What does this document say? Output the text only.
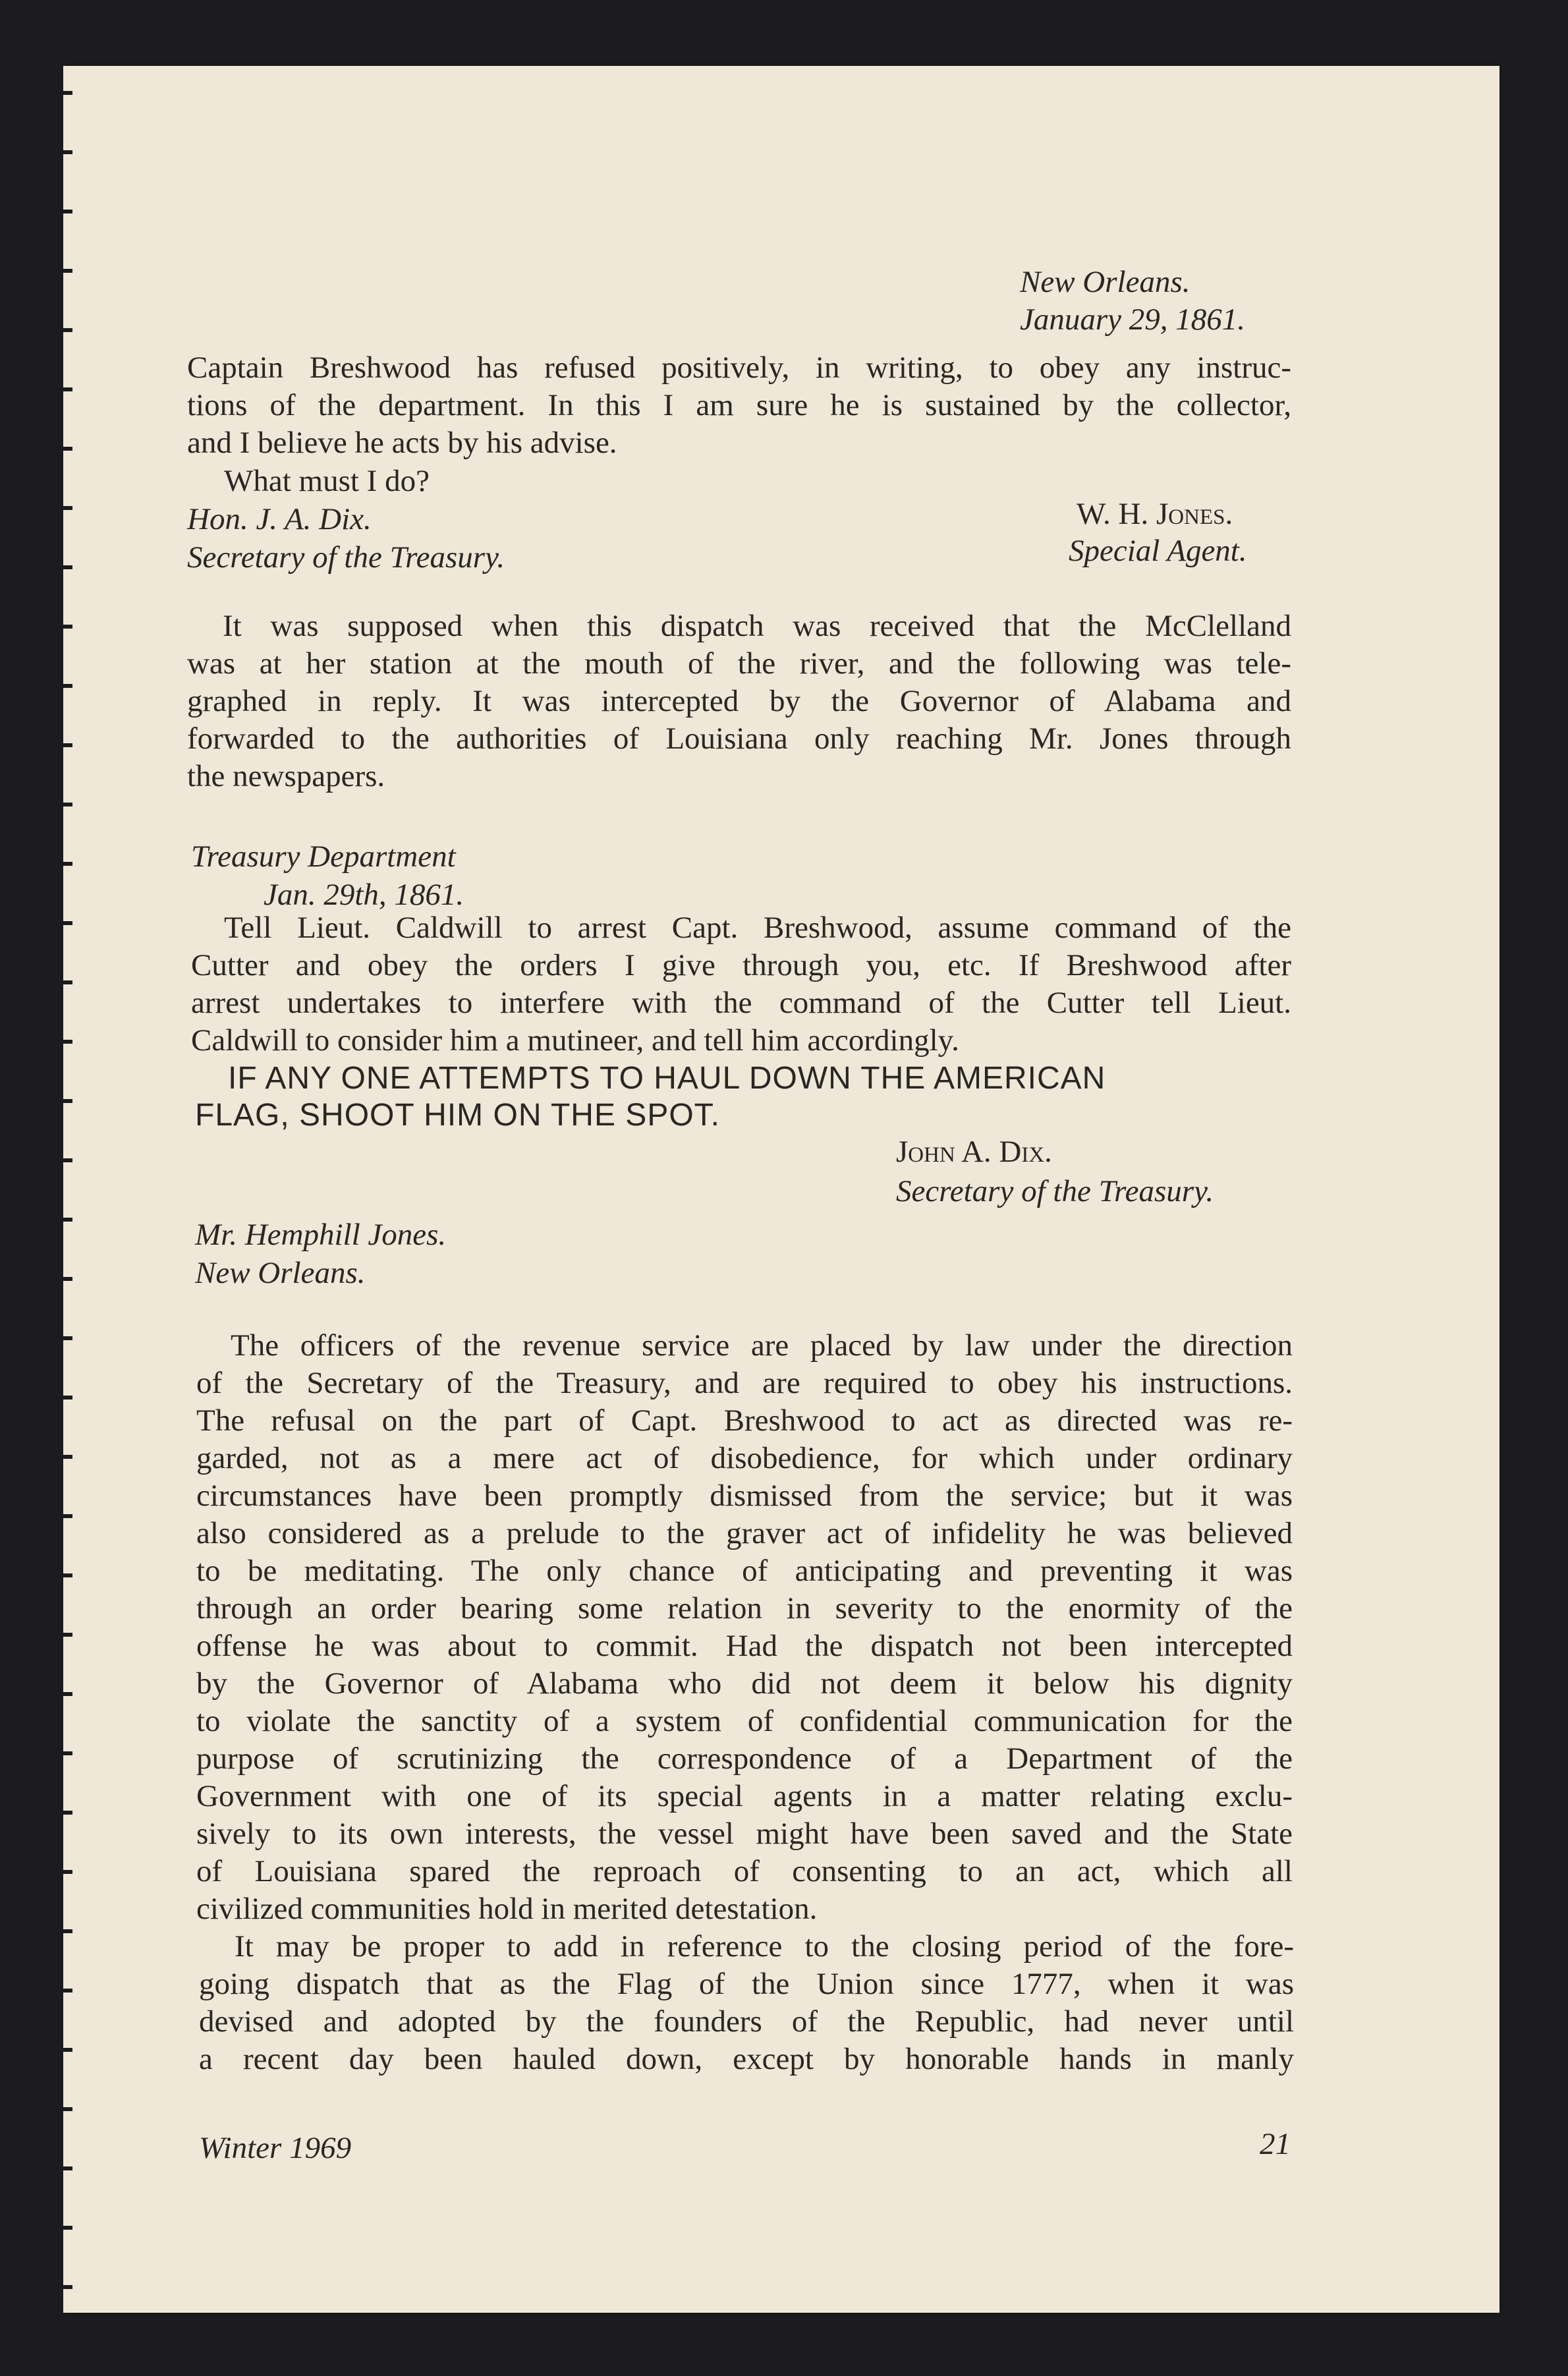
New Orleans.
January 29, 1861.
Captain Breshwood has refused positively, in writing, to obey any instruc-
tions of the department. In this I am sure he is sustained by the collector,
and I believe he acts by his advise.
What must I do?
Hon. J. A. Dix.
Secretary of the Treasury.
W. H. Jones.
Special Agent.
It was supposed when this dispatch was received that the McClelland
was at her station at the mouth of the river, and the following was tele-
graphed in reply. It was intercepted by the Governor of Alabama and
forwarded to the authorities of Louisiana only reaching Mr. Jones through
the newspapers.
Treasury Department
Jan. 29th, 1861.
Tell Lieut. Caldwill to arrest Capt. Breshwood, assume command of the
Cutter and obey the orders I give through you, etc. If Breshwood after
arrest undertakes to interfere with the command of the Cutter tell Lieut.
Caldwill to consider him a mutineer, and tell him accordingly.
IF ANY ONE ATTEMPTS TO HAUL DOWN THE AMERICAN
FLAG, SHOOT HIM ON THE SPOT.
John A. Dix.
Secretary of the Treasury.
Mr. Hemphill Jones.
New Orleans.
The officers of the revenue service are placed by law under the direction
of the Secretary of the Treasury, and are required to obey his instructions.
The refusal on the part of Capt. Breshwood to act as directed was re-
garded, not as a mere act of disobedience, for which under ordinary
circumstances have been promptly dismissed from the service; but it was
also considered as a prelude to the graver act of infidelity he was believed
to be meditating. The only chance of anticipating and preventing it was
through an order bearing some relation in severity to the enormity of the
offense he was about to commit. Had the dispatch not been intercepted
by the Governor of Alabama who did not deem it below his dignity
to violate the sanctity of a system of confidential communication for the
purpose of scrutinizing the correspondence of a Department of the
Government with one of its special agents in a matter relating exclu-
sively to its own interests, the vessel might have been saved and the State
of Louisiana spared the reproach of consenting to an act, which all
civilized communities hold in merited detestation.
It may be proper to add in reference to the closing period of the fore-
going dispatch that as the Flag of the Union since 1777, when it was
devised and adopted by the founders of the Republic, had never until
a recent day been hauled down, except by honorable hands in manly
Winter 1969	21
